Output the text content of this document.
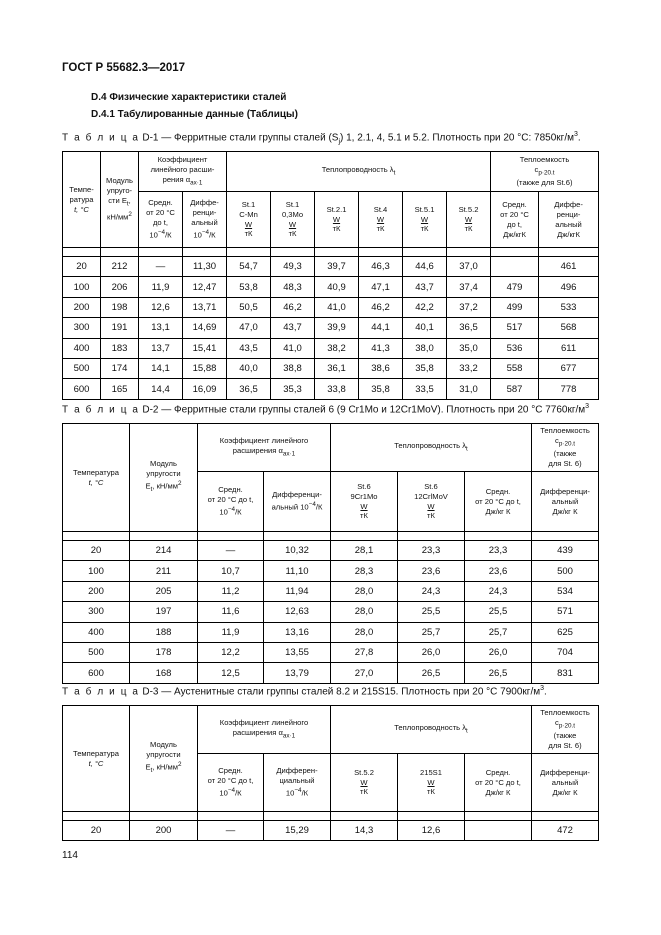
ГОСТ Р 55682.3—2017
D.4 Физические характеристики сталей
D.4.1 Табулированные данные (Таблицы)
Т а б л и ц а D-1 — Ферритные стали группы сталей $(S_j)$ 1, 2.1, 4, 5.1 и 5.2. Плотность при 20 °С: $7850кг/м^3$.
Темпе-
ратура
t, °С	Модуль
упруго-
сти $E_t$,
$кН/мм^2$	Коэффициент
линейного расши-
рения $\alpha_{ax\cdot 1}$		Теплопроводность $\lambda_t$						Теплоемкость
$c_{p\cdot 20.t}$
(также для St.6)	
		Средн.
от 20 °С
до t,
$10^{-4}/К$	Диффе-
ренци-
альный
$10^{-4}/К$	St.1
C-Mn

$\frac{W}{тК}$	St.1
0,3Mo

$\frac{W}{тК}$	St.2.1

$\frac{W}{тК}$	St.4

$\frac{W}{тК}$	St.5.1

$\frac{W}{тК}$	St.5.2

$\frac{W}{тК}$	Средн.
от 20 °С
до t,
Дж/кгК	Диффе-
ренци-
альный
Дж/кгК

20	212	—	11,30	54,7	49,3	39,7	46,3	44,6	37,0		461
100	206	11,9	12,47	53,8	48,3	40,9	47,1	43,7	37,4	479	496
200	198	12,6	13,71	50,5	46,2	41,0	46,2	42,2	37,2	499	533
300	191	13,1	14,69	47,0	43,7	39,9	44,1	40,1	36,5	517	568
400	183	13,7	15,41	43,5	41,0	38,2	41,3	38,0	35,0	536	611
500	174	14,1	15,88	40,0	38,8	36,1	38,6	35,8	33,2	558	677
600	165	14,4	16,09	36,5	35,3	33,8	35,8	33,5	31,0	587	778
Т а б л и ц а D-2 — Ферритные стали группы сталей 6 (9 Cr1Mo и 12Cr1MoV). Плотность при 20 °С $7760кг/м^3$
Температура
t, °С	Модуль
упругости
$E_t$, $кН/мм^2$	Коэффициент линейного
расширения $\alpha_{ax\cdot 1}$		Теплопроводность $\lambda_t$			Теплоемкость
$c_{p\cdot 20.t}$
(также
для St. 6)
		Средн.
от 20 °С до t,
$10^{-4}/К$	Дифференци-
альный $10^{-4}/К$	St.6
9Cr1Mo

$\frac{W}{тК}$	St.6
12CrlMoV

$\frac{W}{тК}$	Средн.
от 20 °С до t,
Дж/кг К	Дифференци-
альный
Дж/кг К

20	214	—	10,32	28,1	23,3	23,3	439
100	211	10,7	11,10	28,3	23,6	23,6	500
200	205	11,2	11,94	28,0	24,3	24,3	534
300	197	11,6	12,63	28,0	25,5	25,5	571
400	188	11,9	13,16	28,0	25,7	25,7	625
500	178	12,2	13,55	27,8	26,0	26,0	704
600	168	12,5	13,79	27,0	26,5	26,5	831
Т а б л и ц а D-3 — Аустенитные стали группы сталей 8.2 и 215S15. Плотность при 20 °С $7900кг/м^3$.
Температура
t, °С	Модуль
упругости
$E_t$, $кН/мм^2$	Коэффициент линейного
расширения $\alpha_{ax\cdot 1}$		Теплопроводность $\lambda_t$			Теплоемкость
$c_{p\cdot 20.t}$
(также
для St. 6)
		Средн.
от 20 °С до t,
$10^{-4}/К$	Дифферен-
циальный
$10^{-4}/К$	St.5.2

$\frac{W}{тК}$	215S1

$\frac{W}{тК}$	Средн.
от 20 °С до t,
Дж/кг К	Дифференци-
альный
Дж/кг К

20	200	—	15,29	14,3	12,6		472
114
